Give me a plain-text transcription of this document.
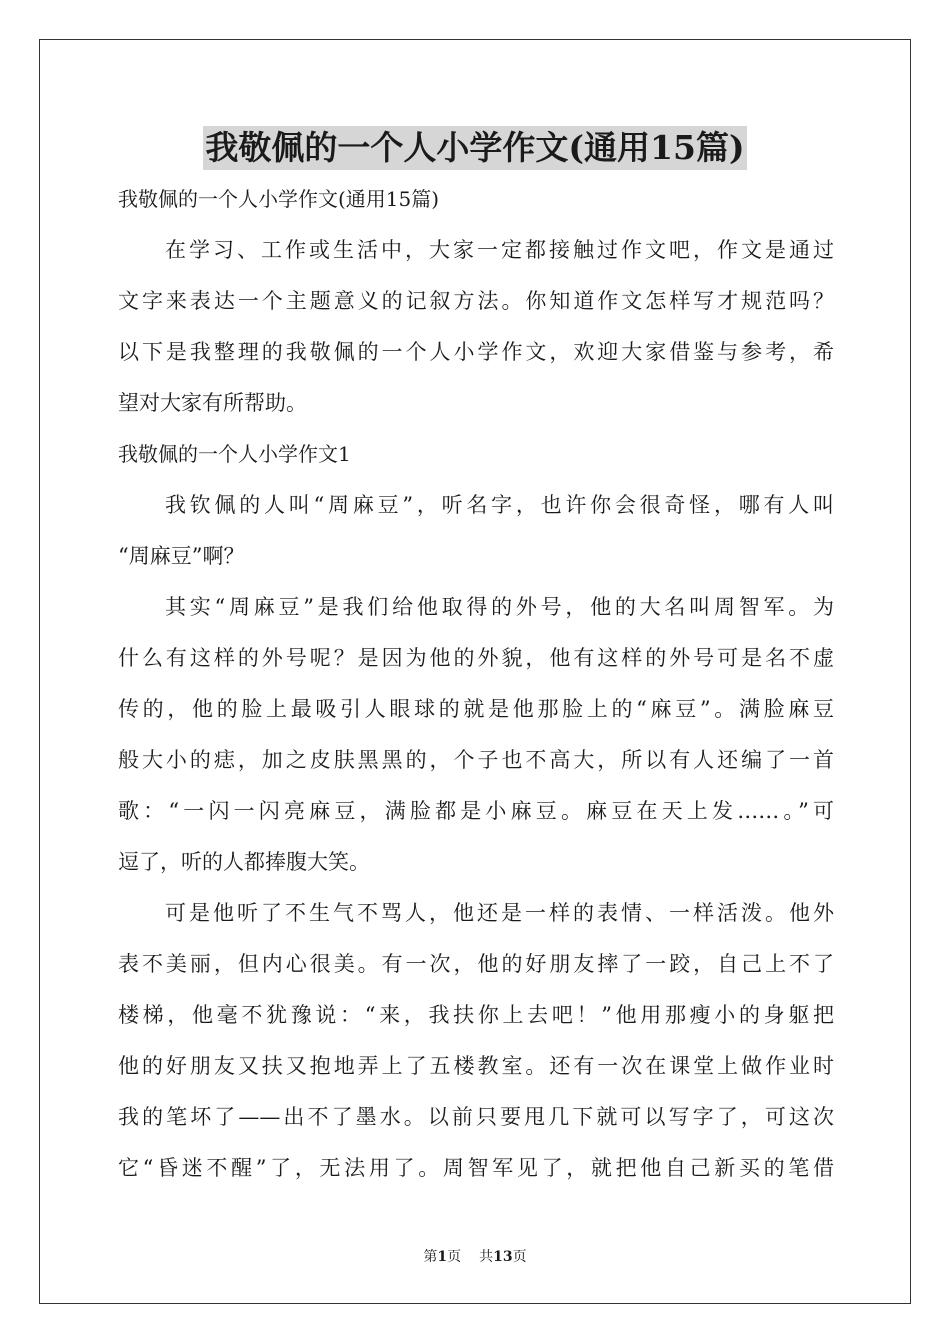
我敬佩的一个人小学作文(通用15篇)
我敬佩的一个人小学作文(通用15篇)
在学习、工作或生活中，大家一定都接触过作文吧，作文是通过
文字来表达一个主题意义的记叙方法。你知道作文怎样写才规范吗？
以下是我整理的我敬佩的一个人小学作文，欢迎大家借鉴与参考，希
望对大家有所帮助。
我敬佩的一个人小学作文1
我钦佩的人叫“周麻豆”，听名字，也许你会很奇怪，哪有人叫
“周麻豆”啊？
其实“周麻豆”是我们给他取得的外号，他的大名叫周智军。为
什么有这样的外号呢？是因为他的外貌，他有这样的外号可是名不虚
传的，他的脸上最吸引人眼球的就是他那脸上的“麻豆”。满脸麻豆
般大小的痣，加之皮肤黑黑的，个子也不高大，所以有人还编了一首
歌：“一闪一闪亮麻豆，满脸都是小麻豆。麻豆在天上发……。”可
逗了，听的人都捧腹大笑。
可是他听了不生气不骂人，他还是一样的表情、一样活泼。他外
表不美丽，但内心很美。有一次，他的好朋友摔了一跤，自己上不了
楼梯，他毫不犹豫说：“来，我扶你上去吧！”他用那瘦小的身躯把
他的好朋友又扶又抱地弄上了五楼教室。还有一次在课堂上做作业时
我的笔坏了——出不了墨水。以前只要甩几下就可以写字了，可这次
它“昏迷不醒”了，无法用了。周智军见了，就把他自己新买的笔借
第1页 共13页
